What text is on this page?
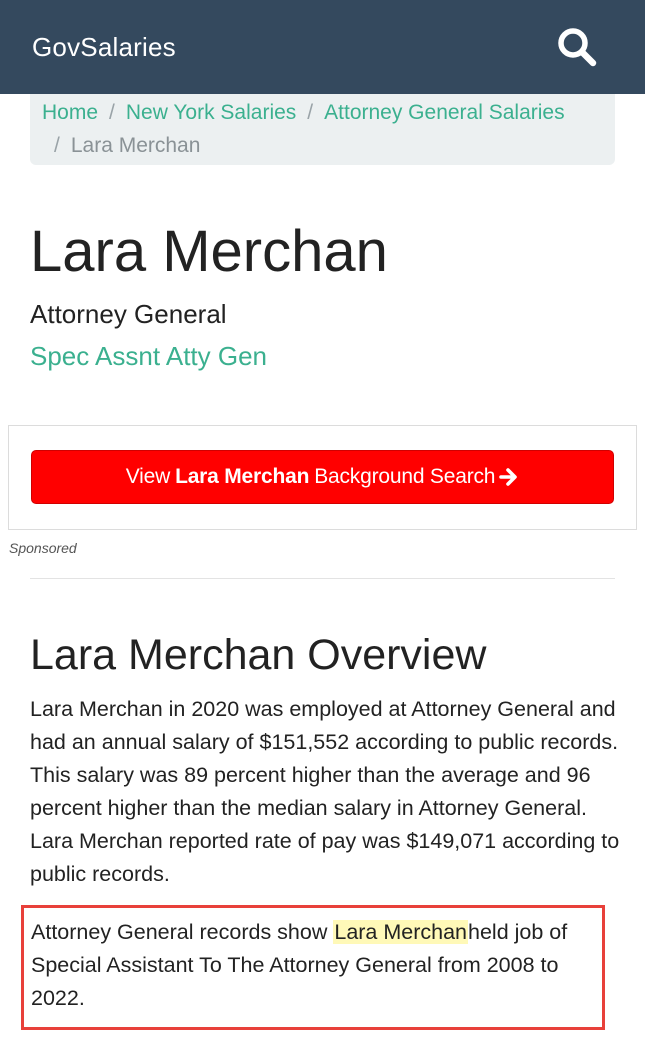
GovSalaries
Home / New York Salaries / Attorney General Salaries
/ Lara Merchan
Lara Merchan
Attorney General
Spec Assnt Atty Gen
View Lara Merchan Background Search
Sponsored
Lara Merchan Overview

Lara Merchan in 2020 was employed at Attorney General and had an annual salary of $151,552 according to public records. This salary was 89 percent higher than the average and 96 percent higher than the median salary in Attorney General. Lara Merchan reported rate of pay was $149,071 according to public records.

Attorney General records show Lara Merchanheld job of Special Assistant To The Attorney General from 2008 to 2022.
